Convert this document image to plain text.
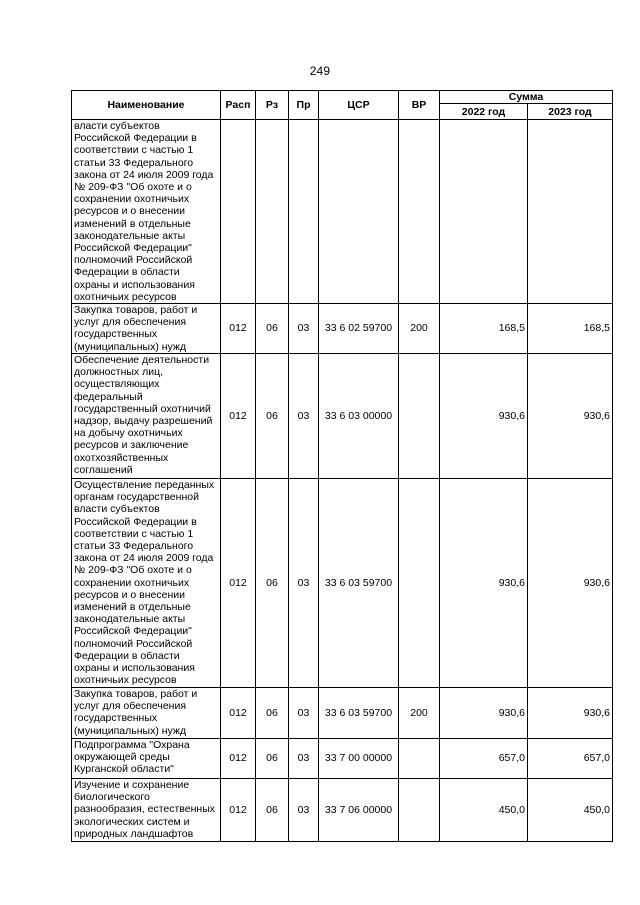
249
Наименование	Расп	Рз	Пр	ЦСР	ВР	Сумма	
						2022 год	2023 год
власти субъектов Российской Федерации в соответствии с частью 1 статьи 33 Федерального закона от 24 июля 2009 года № 209-ФЗ "Об охоте и о сохранении охотничьих ресурсов и о внесении изменений в отдельные законодательные акты Российской Федерации" полномочий Российской Федерации в области охраны и использования охотничьих ресурсов							
Закупка товаров, работ и услуг для обеспечения государственных (муниципальных) нужд	012	06	03	33 6 02 59700	200	168,5	168,5
Обеспечение деятельности должностных лиц, осуществляющих федеральный государственный охотничий надзор, выдачу разрешений на добычу охотничьих ресурсов и заключение охотхозяйственных соглашений	012	06	03	33 6 03 00000		930,6	930,6
Осуществление переданных органам государственной власти субъектов Российской Федерации в соответствии с частью 1 статьи 33 Федерального закона от 24 июля 2009 года № 209-ФЗ "Об охоте и о сохранении охотничьих ресурсов и о внесении изменений в отдельные законодательные акты Российской Федерации" полномочий Российской Федерации в области охраны и использования охотничьих ресурсов	012	06	03	33 6 03 59700		930,6	930,6
Закупка товаров, работ и услуг для обеспечения государственных (муниципальных) нужд	012	06	03	33 6 03 59700	200	930,6	930,6
Подпрограмма "Охрана окружающей среды Курганской области"	012	06	03	33 7 00 00000		657,0	657,0
Изучение и сохранение биологического разнообразия, естественных экологических систем и природных ландшафтов	012	06	03	33 7 06 00000		450,0	450,0
